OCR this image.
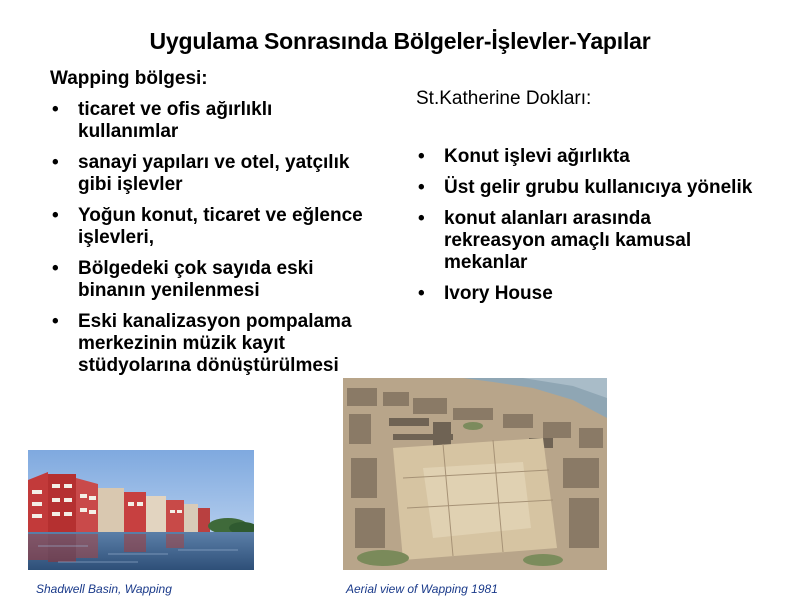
Uygulama Sonrasında Bölgeler-İşlevler-Yapılar
Wapping bölgesi:
• ticaret ve ofis ağırlıklı kullanımlar
• sanayi yapıları ve otel, yatçılık gibi işlevler
• Yoğun konut, ticaret ve eğlence işlevleri,
• Bölgedeki çok sayıda eski binanın yenilenmesi
• Eski kanalizasyon pompalama merkezinin müzik kayıt stüdyolarına dönüştürülmesi
St.Katherine Dokları:
• Konut işlevi ağırlıkta
• Üst gelir grubu kullanıcıya yönelik
• konut alanları arasında rekreasyon amaçlı kamusal mekanlar
• Ivory House
Shadwell Basin, Wapping	Aerial view of Wapping 1981
